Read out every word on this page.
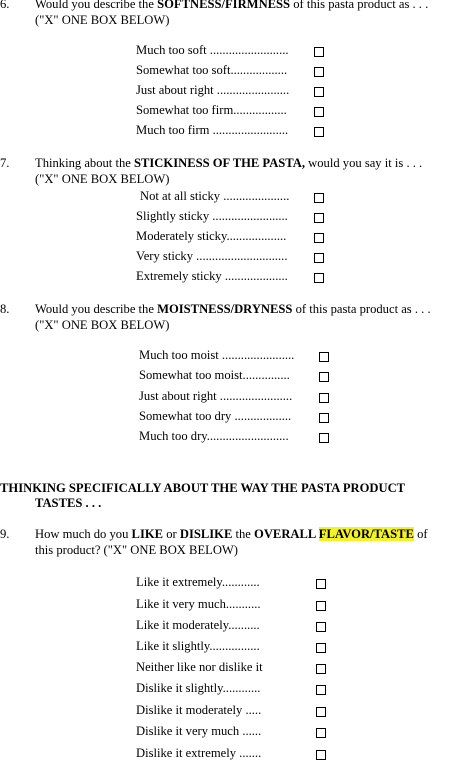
6. Would you describe the SOFTNESS/FIRMNESS of this pasta product as . . .
("X" ONE BOX BELOW)
Much too soft .........................
Somewhat too soft..................
Just about right .......................
Somewhat too firm.................
Much too firm ........................
7. Thinking about the STICKINESS OF THE PASTA, would you say it is . . .
("X" ONE BOX BELOW)
Not at all sticky .....................
Slightly sticky ........................
Moderately sticky...................
Very sticky .............................
Extremely sticky ....................
8. Would you describe the MOISTNESS/DRYNESS of this pasta product as . . .
("X" ONE BOX BELOW)
Much too moist .......................
Somewhat too moist...............
Just about right .......................
Somewhat too dry ..................
Much too dry..........................
THINKING SPECIFICALLY ABOUT THE WAY THE PASTA PRODUCT
TASTES . . .
9. How much do you LIKE or DISLIKE the OVERALL FLAVOR/TASTE of
this product? ("X" ONE BOX BELOW)
Like it extremely............
Like it very much...........
Like it moderately..........
Like it slightly................
Neither like nor dislike it
Dislike it slightly............
Dislike it moderately .....
Dislike it very much ......
Dislike it extremely .......
